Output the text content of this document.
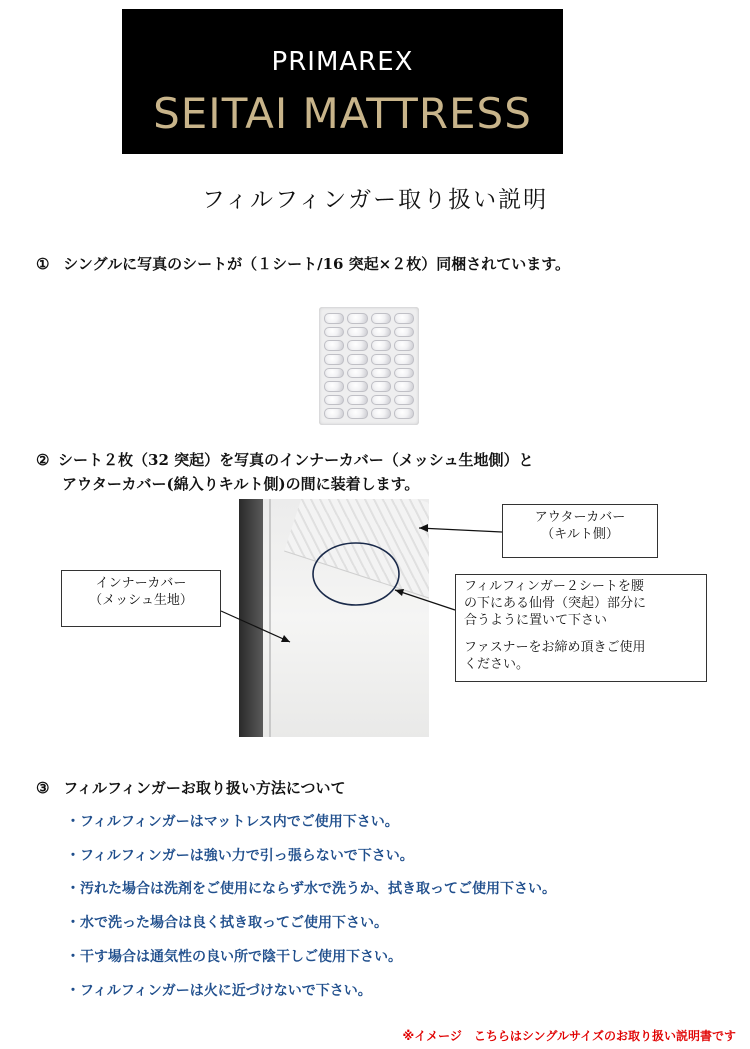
PRIMAREX
SEITAI MATTRESS
フィルフィンガー取り扱い説明
① シングルに写真のシートが（１シート/16 突起×２枚）同梱されています。
② シート２枚（32 突起）を写真のインナーカバー（メッシュ生地側）と
アウターカバー(綿入りキルト側)の間に装着します。

アウターカバー

（キルト側）

インナーカバー

（メッシュ生地）

フィルフィンガー２シートを腰

の下にある仙骨（突起）部分に

合うように置いて下さい

ファスナーをお締め頂きご使用

ください。

③ フィルフィンガーお取り扱い方法について
・フィルフィンガーはマットレス内でご使用下さい。
・フィルフィンガーは強い力で引っ張らないで下さい。
・汚れた場合は洗剤をご使用にならず水で洗うか、拭き取ってご使用下さい。
・水で洗った場合は良く拭き取ってご使用下さい。
・干す場合は通気性の良い所で陰干しご使用下さい。
・フィルフィンガーは火に近づけないで下さい。
※イメージ　こちらはシングルサイズのお取り扱い説明書です
